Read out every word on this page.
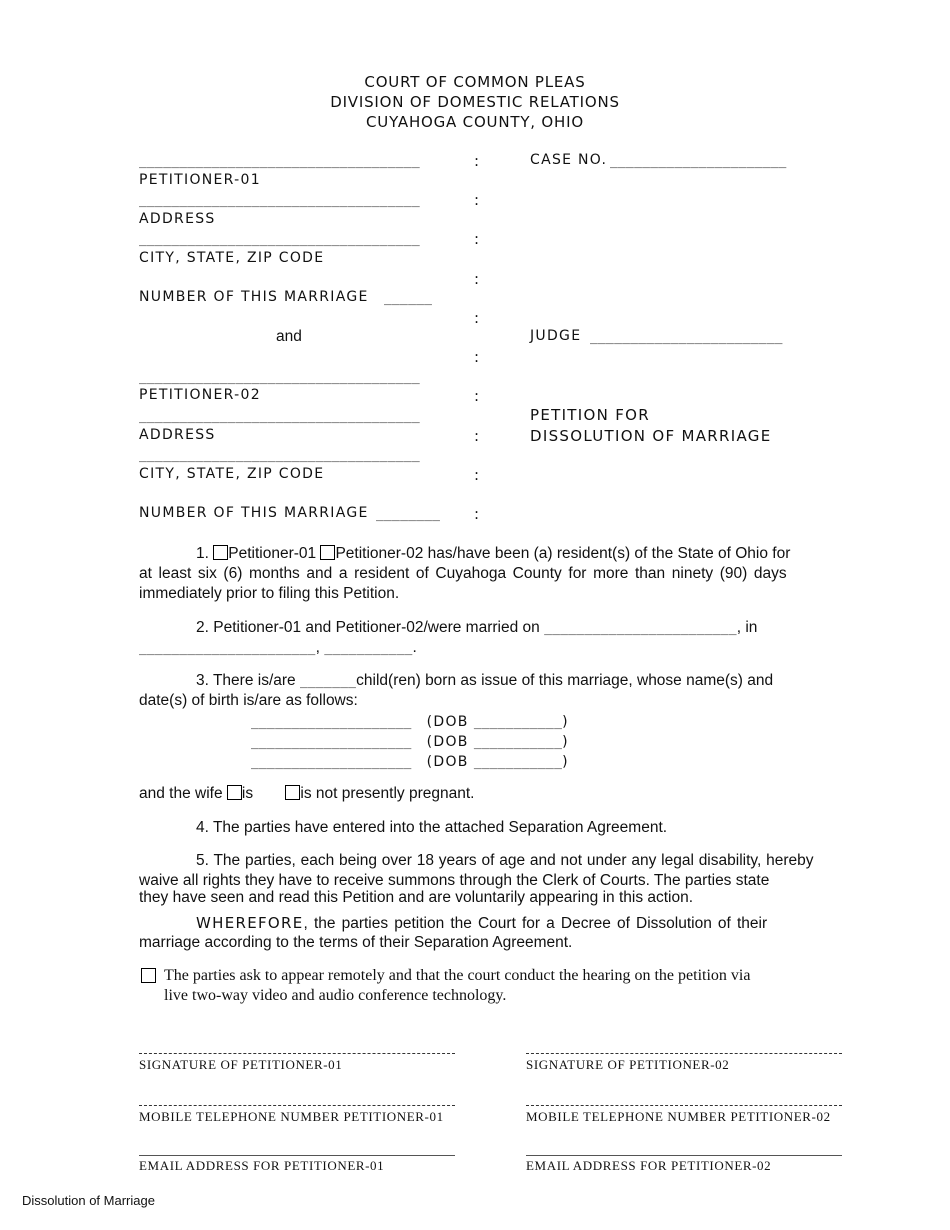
COURT OF COMMON PLEAS
DIVISION OF DOMESTIC RELATIONS
CUYAHOGA COUNTY, OHIO
___________________________________
PETITIONER-01
___________________________________
ADDRESS
___________________________________
CITY, STATE, ZIP CODE
NUMBER OF THIS MARRIAGE ______
and
___________________________________
PETITIONER-02
___________________________________
ADDRESS
___________________________________
CITY, STATE, ZIP CODE
NUMBER OF THIS MARRIAGE ________
:
:
:
:
:
:
:
:
:
:
CASE NO. ______________________
JUDGE ________________________
PETITION FOR
DISSOLUTION OF MARRIAGE
1. Petitioner-01 Petitioner-02 has/have been (a) resident(s) of the State of Ohio for
at least six (6) months and a resident of Cuyahoga County for more than ninety (90) days
immediately prior to filing this Petition.
2. Petitioner-01 and Petitioner-02/were married on ________________________, in
______________________, ___________.
3. There is/are _______child(ren) born as issue of this marriage, whose name(s) and
date(s) of birth is/are as follows:
____________________ (DOB ___________)
____________________ (DOB ___________)
____________________ (DOB ___________)
and the wife is	is not presently pregnant.
4. The parties have entered into the attached Separation Agreement.
5. The parties, each being over 18 years of age and not under any legal disability, hereby
waive all rights they have to receive summons through the Clerk of Courts. The parties state
they have seen and read this Petition and are voluntarily appearing in this action.
WHEREFORE, the parties petition the Court for a Decree of Dissolution of their
marriage according to the terms of their Separation Agreement.
The parties ask to appear remotely and that the court conduct the hearing on the petition via
live two-way video and audio conference technology.
SIGNATURE OF PETITIONER-01	SIGNATURE OF PETITIONER-02
MOBILE TELEPHONE NUMBER PETITIONER-01	MOBILE TELEPHONE NUMBER PETITIONER-02
EMAIL ADDRESS FOR PETITIONER-01	EMAIL ADDRESS FOR PETITIONER-02
Dissolution of Marriage
